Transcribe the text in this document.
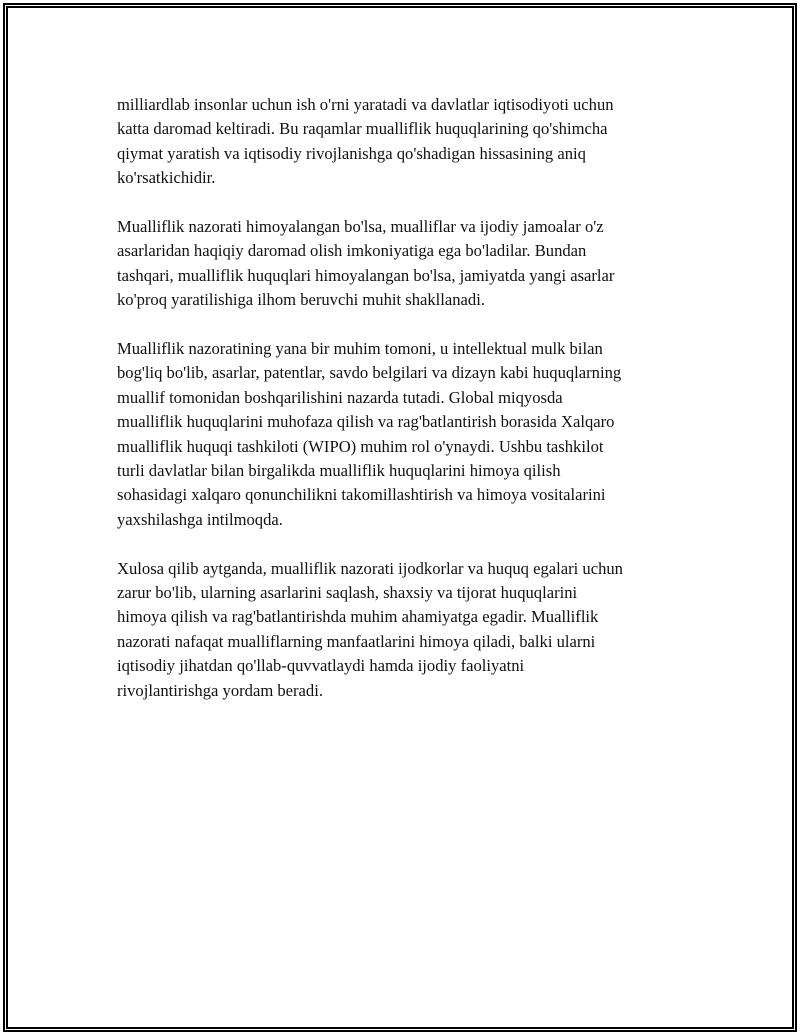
milliardlab insonlar uchun ish o'rni yaratadi va davlatlar iqtisodiyoti uchun
katta daromad keltiradi. Bu raqamlar mualliflik huquqlarining qo'shimcha
qiymat yaratish va iqtisodiy rivojlanishga qo'shadigan hissasining aniq
ko'rsatkichidir.

Mualliflik nazorati himoyalangan bo'lsa, mualliflar va ijodiy jamoalar o'z
asarlaridan haqiqiy daromad olish imkoniyatiga ega bo'ladilar. Bundan
tashqari, mualliflik huquqlari himoyalangan bo'lsa, jamiyatda yangi asarlar
ko'proq yaratilishiga ilhom beruvchi muhit shakllanadi.

Mualliflik nazoratining yana bir muhim tomoni, u intellektual mulk bilan
bog'liq bo'lib, asarlar, patentlar, savdo belgilari va dizayn kabi huquqlarning
muallif tomonidan boshqarilishini nazarda tutadi. Global miqyosda
mualliflik huquqlarini muhofaza qilish va rag'batlantirish borasida Xalqaro
mualliflik huquqi tashkiloti (WIPO) muhim rol o'ynaydi. Ushbu tashkilot
turli davlatlar bilan birgalikda mualliflik huquqlarini himoya qilish
sohasidagi xalqaro qonunchilikni takomillashtirish va himoya vositalarini
yaxshilashga intilmoqda.

Xulosa qilib aytganda, mualliflik nazorati ijodkorlar va huquq egalari uchun
zarur bo'lib, ularning asarlarini saqlash, shaxsiy va tijorat huquqlarini
himoya qilish va rag'batlantirishda muhim ahamiyatga egadir. Mualliflik
nazorati nafaqat mualliflarning manfaatlarini himoya qiladi, balki ularni
iqtisodiy jihatdan qo'llab-quvvatlaydi hamda ijodiy faoliyatni
rivojlantirishga yordam beradi.
